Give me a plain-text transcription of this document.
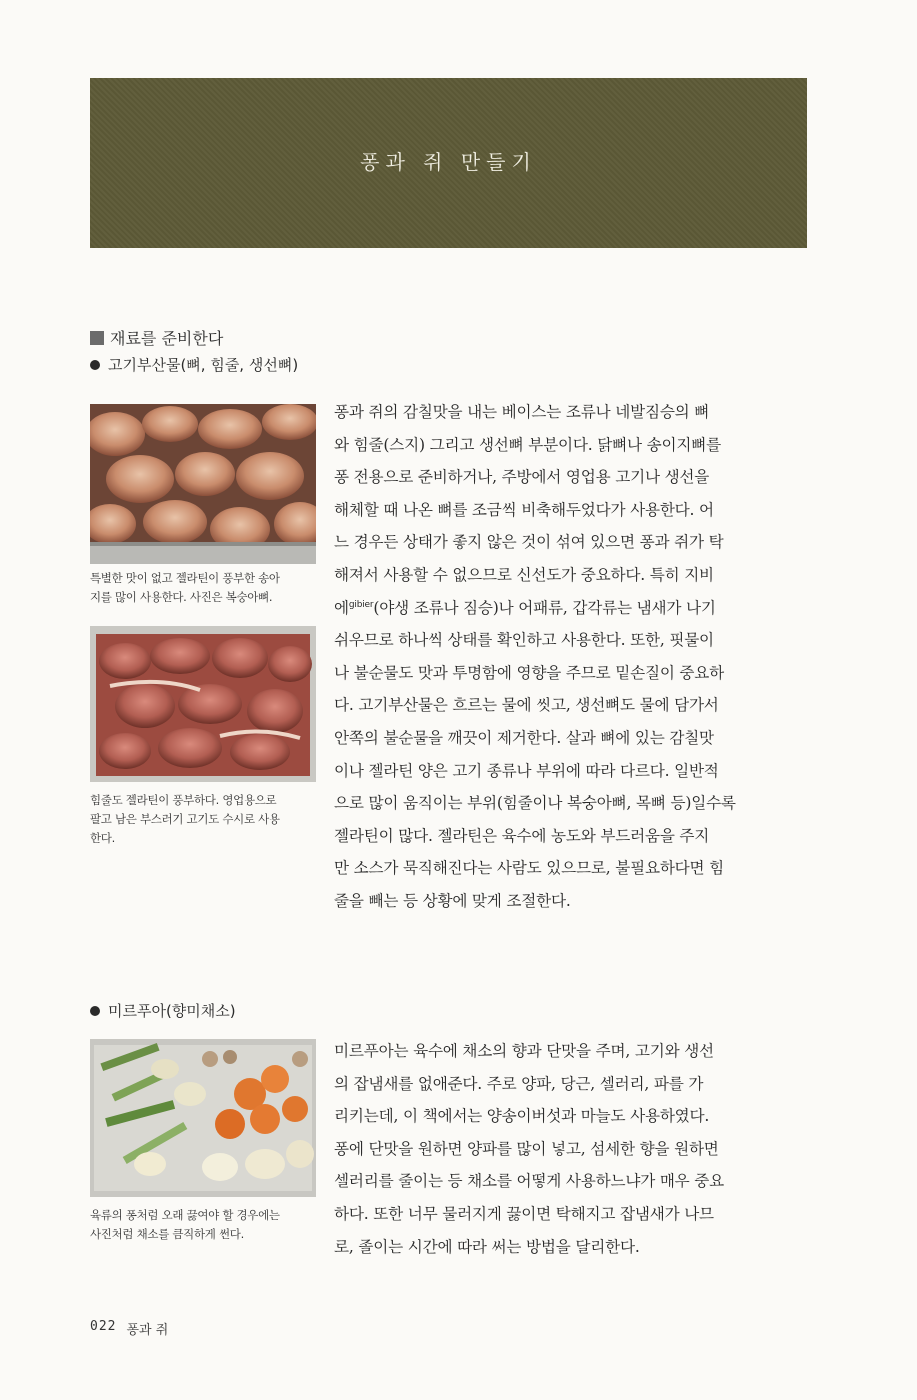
퐁과 쥐 만들기
재료를 준비한다
고기부산물(뼈, 힘줄, 생선뼈)
특별한 맛이 없고 젤라틴이 풍부한 송아
지를 많이 사용한다. 사진은 복숭아뼈.
힘줄도 젤라틴이 풍부하다. 영업용으로
팔고 남은 부스러기 고기도 수시로 사용
한다.
퐁과 쥐의 감칠맛을 내는 베이스는 조류나 네발짐승의 뼈
와 힘줄(스지) 그리고 생선뼈 부분이다. 닭뼈나 송이지뼈를
퐁 전용으로 준비하거나, 주방에서 영업용 고기나 생선을
해체할 때 나온 뼈를 조금씩 비축해두었다가 사용한다. 어
느 경우든 상태가 좋지 않은 것이 섞여 있으면 퐁과 쥐가 탁
해져서 사용할 수 없으므로 신선도가 중요하다. 특히 지비
에$^{gibier}$(야생 조류나 짐승)나 어패류, 갑각류는 냄새가 나기
쉬우므로 하나씩 상태를 확인하고 사용한다. 또한, 핏물이
나 불순물도 맛과 투명함에 영향을 주므로 밑손질이 중요하
다. 고기부산물은 흐르는 물에 씻고, 생선뼈도 물에 담가서
안쪽의 불순물을 깨끗이 제거한다. 살과 뼈에 있는 감칠맛
이나 젤라틴 양은 고기 종류나 부위에 따라 다르다. 일반적
으로 많이 움직이는 부위(힘줄이나 복숭아뼈, 목뼈 등)일수록
젤라틴이 많다. 젤라틴은 육수에 농도와 부드러움을 주지
만 소스가 묵직해진다는 사람도 있으므로, 불필요하다면 힘
줄을 빼는 등 상황에 맞게 조절한다.
미르푸아(향미채소)
육류의 퐁처럼 오래 끓여야 할 경우에는
사진처럼 채소를 큼직하게 썬다.
미르푸아는 육수에 채소의 향과 단맛을 주며, 고기와 생선
의 잡냄새를 없애준다. 주로 양파, 당근, 셀러리, 파를 가
리키는데, 이 책에서는 양송이버섯과 마늘도 사용하였다.
퐁에 단맛을 원하면 양파를 많이 넣고, 섬세한 향을 원하면
셀러리를 줄이는 등 채소를 어떻게 사용하느냐가 매우 중요
하다. 또한 너무 물러지게 끓이면 탁해지고 잡냄새가 나므
로, 졸이는 시간에 따라 써는 방법을 달리한다.
022 퐁과 쥐
